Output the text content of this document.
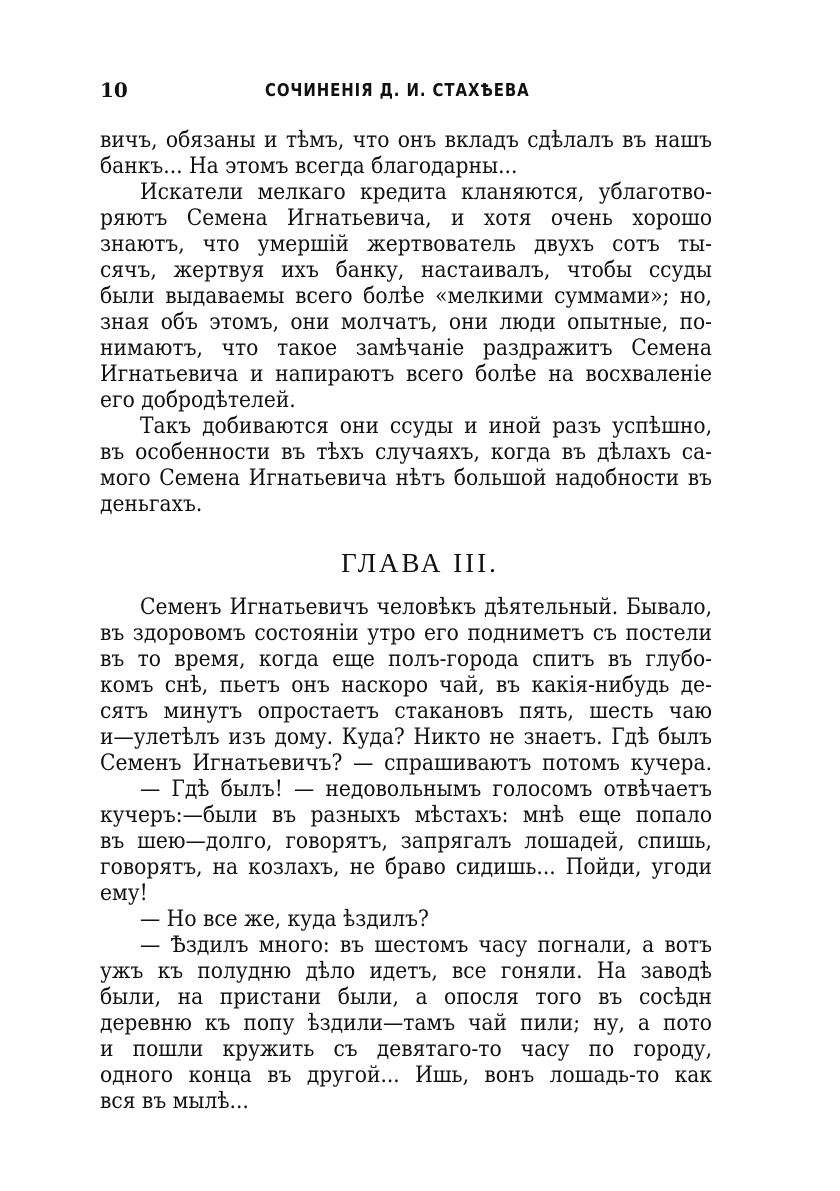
10	СОЧИНЕНІЯ Д. И. СТАХѢЕВА
вичъ, обязаны и тѣмъ, что онъ вкладъ сдѣлалъ въ нашъ
банкъ... На этомъ всегда благодарны...
Искатели мелкаго кредита кланяются, ублаготво-
ряютъ Семена Игнатьевича, и хотя очень хорошо
знаютъ, что умершій жертвователь двухъ сотъ ты-
сячъ, жертвуя ихъ банку, настаивалъ, чтобы ссуды
были выдаваемы всего болѣе «мелкими суммами»; но,
зная объ этомъ, они молчатъ, они люди опытные, по-
нимаютъ, что такое замѣчаніе раздражитъ Семена
Игнатьевича и напираютъ всего болѣе на восхваленіе
его добродѣтелей.
Такъ добиваются они ссуды и иной разъ успѣшно,
въ особенности въ тѣхъ случаяхъ, когда въ дѣлахъ са-
мого Семена Игнатьевича нѣтъ большой надобности въ
деньгахъ.
ГЛАВА III.
Семенъ Игнатьевичъ человѣкъ дѣятельный. Бывало,
въ здоровомъ состояніи утро его подниметъ съ постели
въ то время, когда еще полъ-города спитъ въ глубо-
комъ снѣ, пьетъ онъ наскоро чай, въ какія-нибудь де-
сятъ минутъ опростаетъ стакановъ пять, шесть чаю
и—улетѣлъ изъ дому. Куда? Никто не знаетъ. Гдѣ былъ
Семенъ Игнатьевичъ? — спрашиваютъ потомъ кучера.
— Гдѣ былъ! — недовольнымъ голосомъ отвѣчаетъ
кучеръ:—были въ разныхъ мѣстахъ: мнѣ еще попало
въ шею—долго, говорятъ, запрягалъ лошадей, спишь,
говорятъ, на козлахъ, не браво сидишь... Пойди, угоди
ему!
— Но все же, куда ѣздилъ?
— Ѣздилъ много: въ шестомъ часу погнали, а вотъ
ужъ къ полудню дѣло идетъ, все гоняли. На заводѣ
были, на пристани были, а опосля того въ сосѣдн
деревню къ попу ѣздили—тамъ чай пили; ну, а пото
и пошли кружить съ девятаго-то часу по городу,
одного конца въ другой... Ишь, вонъ лошадь-то как
вся въ мылѣ...
